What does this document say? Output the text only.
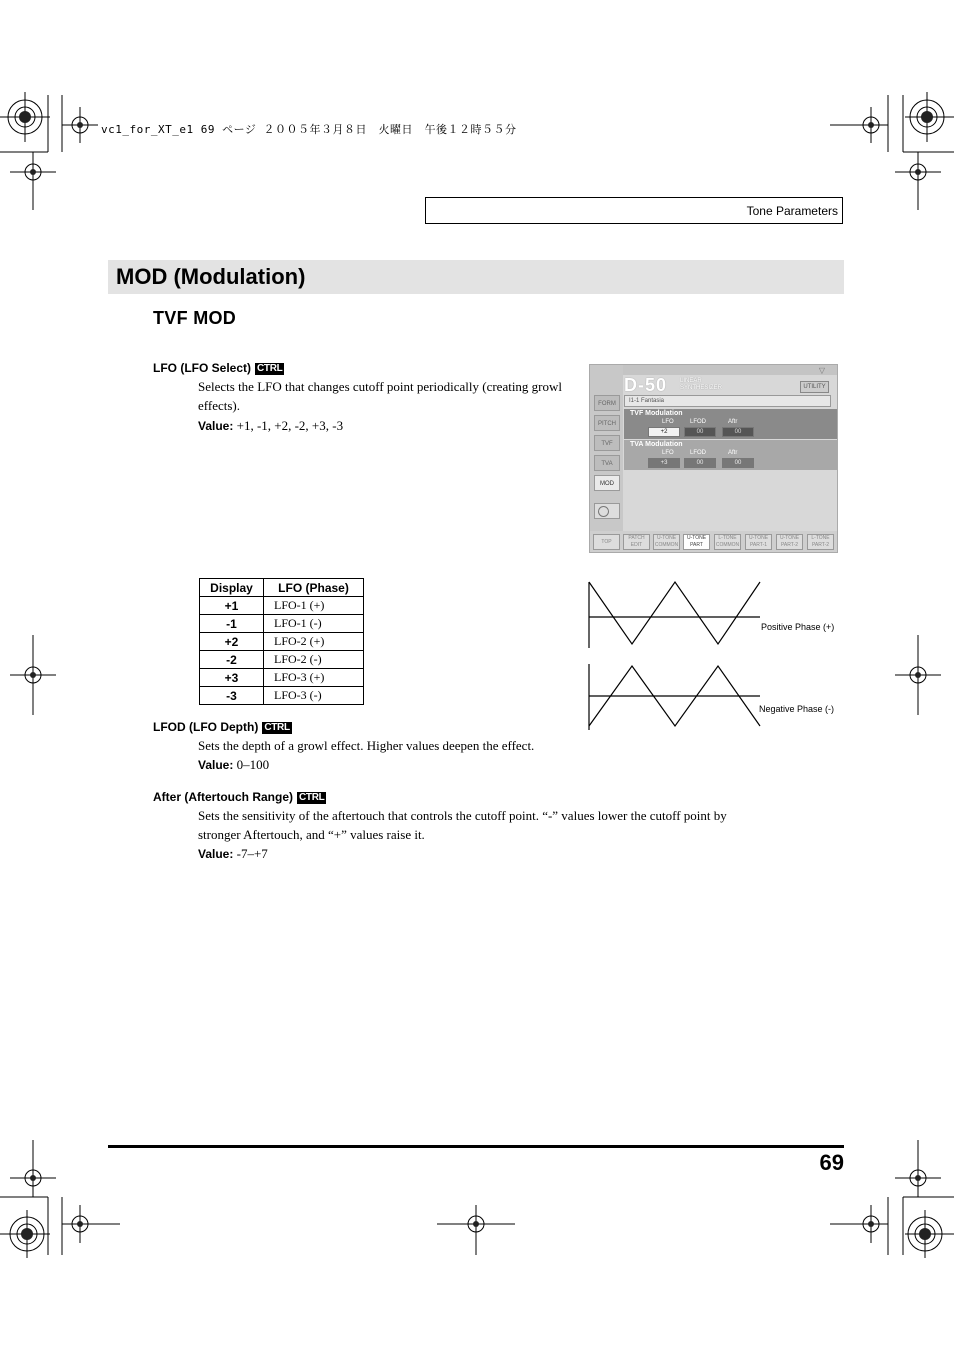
vc1_for_XT_e1 69 ページ ２００５年３月８日　火曜日　午後１２時５５分
Tone Parameters
MOD (Modulation)
TVF MOD
LFO (LFO Select) CTRL
Selects the LFO that changes cutoff point periodically (creating growl effects).
Value: +1, -1, +2, -2, +3, -3
▽
FORM
PITCH
TVF
TVA
MOD
D-50 LINEAR
SYNTHESIZER	UTILITY
I1-1 Fantasia
TVF Modulation
LFO	LFOD	Aftr
+2	00	00
TVA Modulation
LFO	LFOD	Aftr
+3	00	00
TOP
PATCH EDIT
U-TONE COMMON
U-TONE PART
L-TONE COMMON
U-TONE PART-1
U-TONE PART-2
L-TONE PART-2
Display	LFO (Phase)
+1	LFO-1 (+)
-1	LFO-1 (-)
+2	LFO-2 (+)
-2	LFO-2 (-)
+3	LFO-3 (+)
-3	LFO-3 (-)
Positive Phase (+)
Negative Phase (-)
LFOD (LFO Depth) CTRL
Sets the depth of a growl effect. Higher values deepen the effect.
Value: 0–100
After (Aftertouch Range) CTRL
Sets the sensitivity of the aftertouch that controls the cutoff point. “-” values lower the cutoff point by
stronger Aftertouch, and “+” values raise it.
Value: -7–+7
69
